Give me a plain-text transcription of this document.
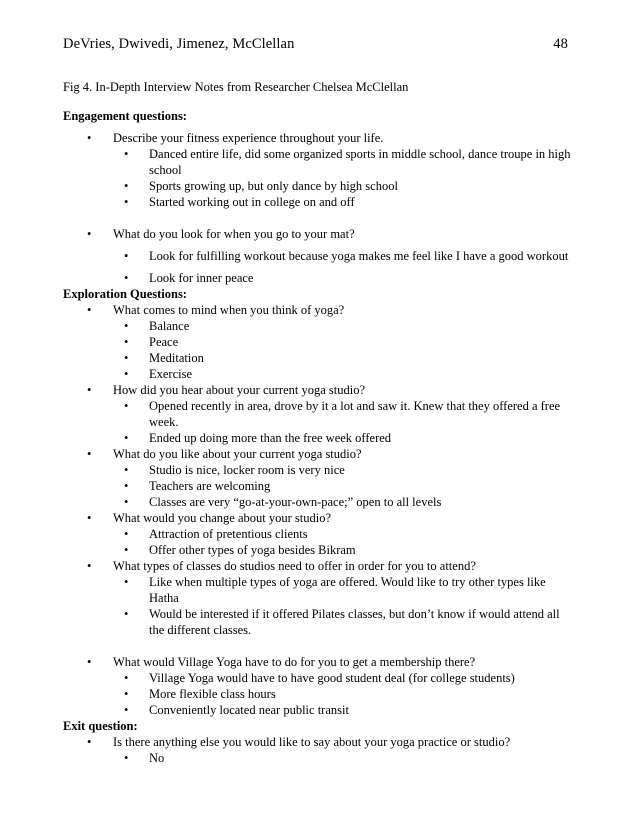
DeVries, Dwivedi, Jimenez, McClellan	48
Fig 4. In-Depth Interview Notes from Researcher Chelsea McClellan
Engagement questions:
• Describe your fitness experience throughout your life.
• Danced entire life, did some organized sports in middle school, dance troupe in high school
• Sports growing up, but only dance by high school
• Started working out in college on and off
• What do you look for when you go to your mat?
• Look for fulfilling workout because yoga makes me feel like I have a good workout
• Look for inner peace
Exploration Questions:
• What comes to mind when you think of yoga?
• Balance
• Peace
• Meditation
• Exercise
• How did you hear about your current yoga studio?
• Opened recently in area, drove by it a lot and saw it. Knew that they offered a free week.
• Ended up doing more than the free week offered
• What do you like about your current yoga studio?
• Studio is nice, locker room is very nice
• Teachers are welcoming
• Classes are very “go-at-your-own-pace;” open to all levels
• What would you change about your studio?
• Attraction of pretentious clients
• Offer other types of yoga besides Bikram
• What types of classes do studios need to offer in order for you to attend?
• Like when multiple types of yoga are offered. Would like to try other types like Hatha
• Would be interested if it offered Pilates classes, but don’t know if would attend all the different classes.
• What would Village Yoga have to do for you to get a membership there?
• Village Yoga would have to have good student deal (for college students)
• More flexible class hours
• Conveniently located near public transit
Exit question:
• Is there anything else you would like to say about your yoga practice or studio?
• No
